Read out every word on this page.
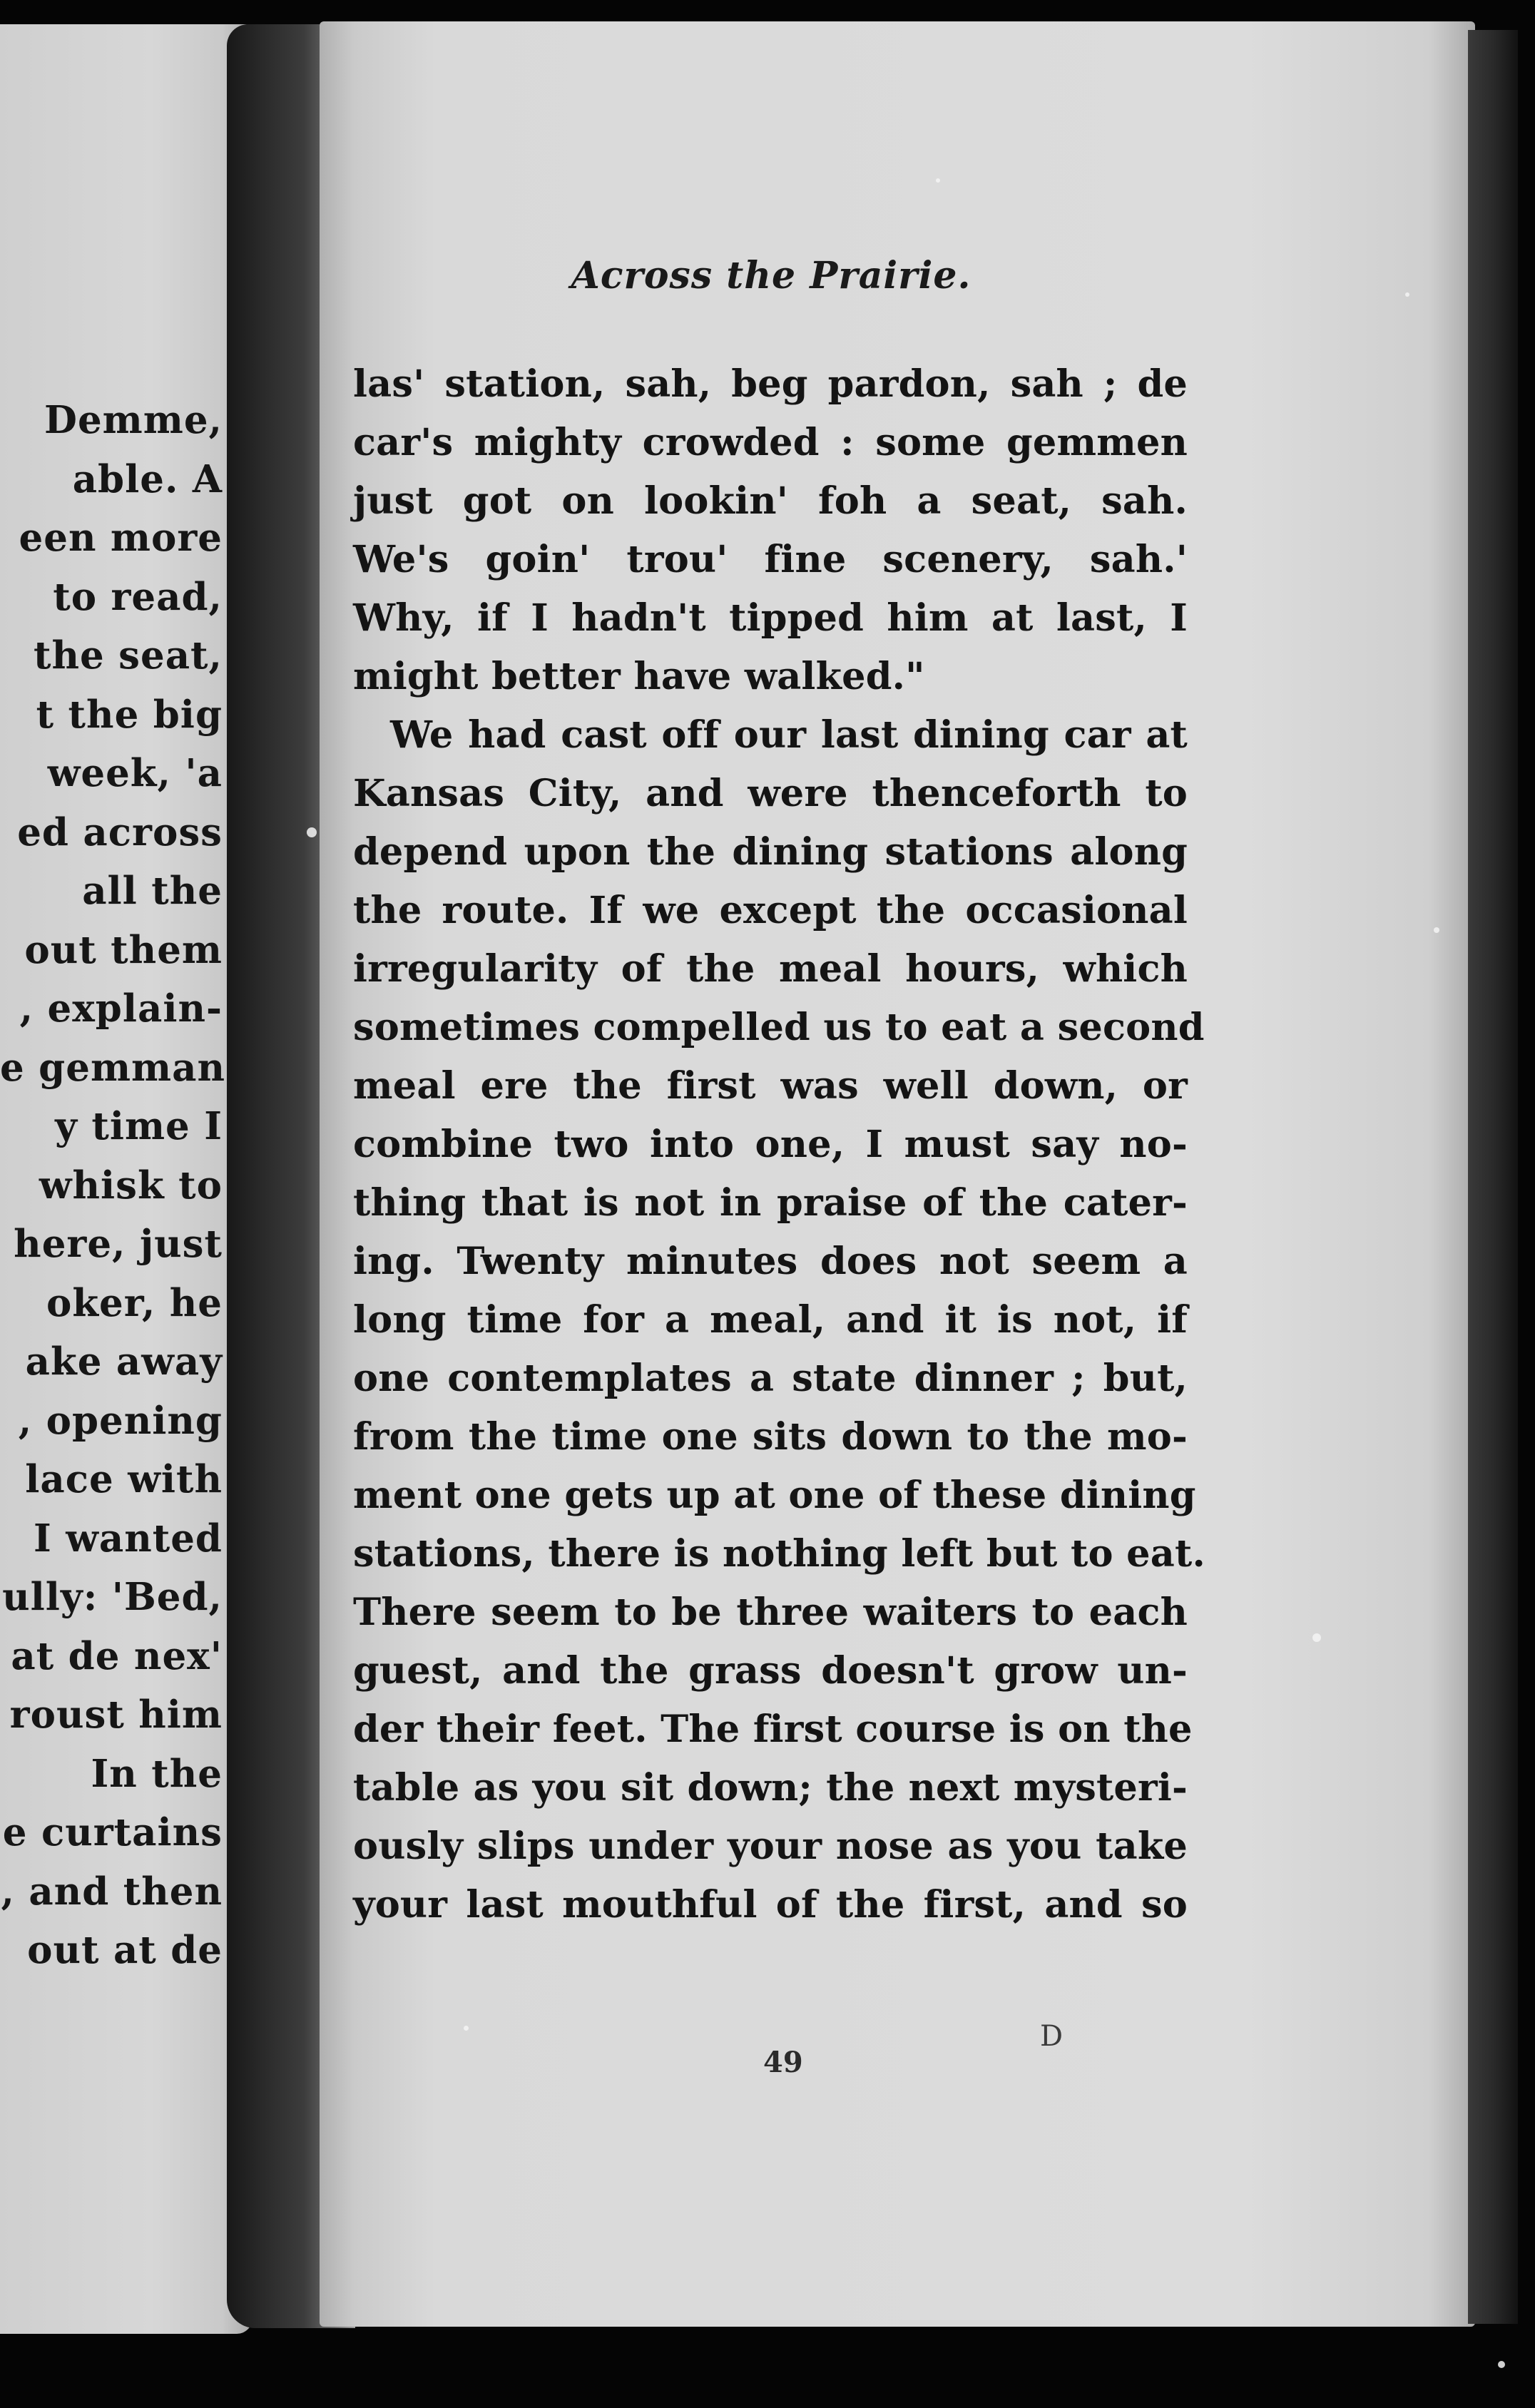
Demme,
able. A
een more
to read,
the seat,
t the big
week, 'a
ed across
all the
out them
, explain-
e gemman
y time I
whisk to
here, just
oker, he
ake away
, opening
lace with
I wanted
ully: 'Bed,
at de nex'
roust him
In the
e curtains
, and then
out at de
Across the Prairie.
las' station, sah, beg pardon, sah ; de
car's mighty crowded : some gemmen
just got on lookin' foh a seat, sah.
We's goin' trou' fine scenery, sah.'
Why, if I hadn't tipped him at last, I
might better have walked."
We had cast off our last dining car at
Kansas City, and were thenceforth to
depend upon the dining stations along
the route. If we except the occasional
irregularity of the meal hours, which
sometimes compelled us to eat a second
meal ere the first was well down, or
combine two into one, I must say no-
thing that is not in praise of the cater-
ing. Twenty minutes does not seem a
long time for a meal, and it is not, if
one contemplates a state dinner ; but,
from the time one sits down to the mo-
ment one gets up at one of these dining
stations, there is nothing left but to eat.
There seem to be three waiters to each
guest, and the grass doesn't grow un-
der their feet. The first course is on the
table as you sit down; the next mysteri-
ously slips under your nose as you take
your last mouthful of the first, and so
49
D
